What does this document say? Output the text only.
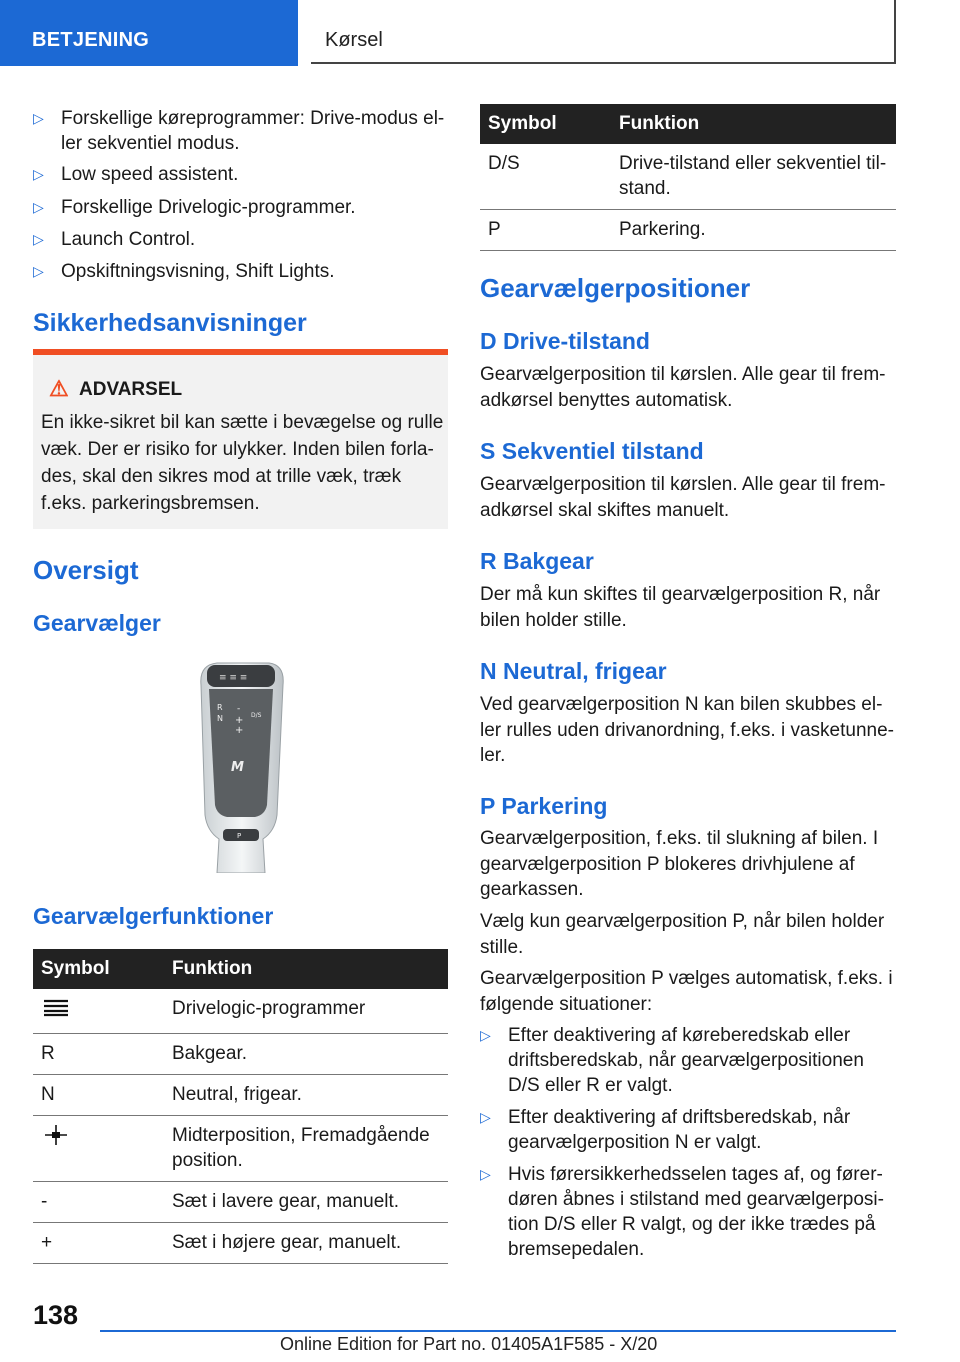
BETJENING	Kørsel
▷ Forskellige køreprogrammer: Drive-modus el-
ler sekventiel modus.
▷ Low speed assistent.
▷ Forskellige Drivelogic-programmer.
▷ Launch Control.
▷ Opskiftningsvisning, Shift Lights.
Sikkerhedsanvisninger
⚠ ADVARSEL
En ikke-sikret bil kan sætte i bevægelse og rulle
væk. Der er risiko for ulykker. Inden bilen forla-
des, skal den sikres mod at trille væk, træk
f.eks. parkeringsbremsen.
Oversigt
Gearvælger
≡ ≡ ≡
R
N
-
+
+
D/S
M
P
Gearvælgerfunktioner
Symbol	Funktion
	Drivelogic-programmer
R	Bakgear.
N	Neutral, frigear.
	Midterposition, Fremadgående
position.
-	Sæt i lavere gear, manuelt.
+	Sæt i højere gear, manuelt.
Symbol	Funktion
D/S	Drive-tilstand eller sekventiel til-
stand.
P	Parkering.
Gearvælgerpositioner
D Drive-tilstand
Gearvælgerposition til kørslen. Alle gear til frem-
adkørsel benyttes automatisk.
S Sekventiel tilstand
Gearvælgerposition til kørslen. Alle gear til frem-
adkørsel skal skiftes manuelt.
R Bakgear
Der må kun skiftes til gearvælgerposition R, når
bilen holder stille.
N Neutral, frigear
Ved gearvælgerposition N kan bilen skubbes el-
ler rulles uden drivanordning, f.eks. i vasketunne-
ler.
P Parkering
Gearvælgerposition, f.eks. til slukning af bilen. I
gearvælgerposition P blokeres drivhjulene af
gearkassen.
Vælg kun gearvælgerposition P, når bilen holder
stille.
Gearvælgerposition P vælges automatisk, f.eks. i
følgende situationer:
▷ Efter deaktivering af køreberedskab eller
driftsberedskab, når gearvælgerpositionen
D/S eller R er valgt.
▷ Efter deaktivering af driftsberedskab, når
gearvælgerposition N er valgt.
▷ Hvis førersikkerhedsselen tages af, og fører-
døren åbnes i stilstand med gearvælgerposi-
tion D/S eller R valgt, og der ikke trædes på
bremsepedalen.
138
Online Edition for Part no. 01405A1F585 - X/20
